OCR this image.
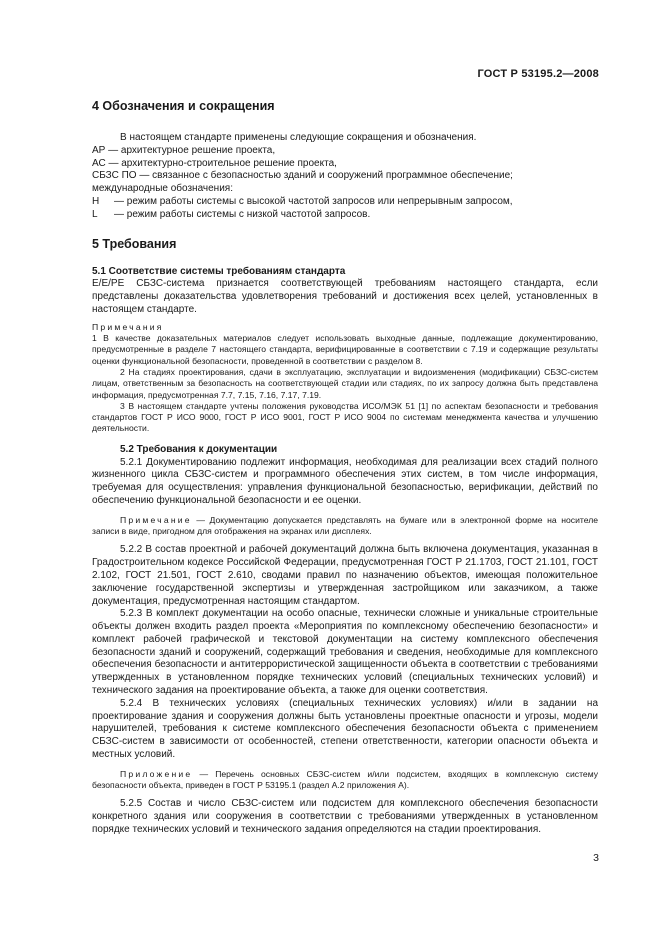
ГОСТ Р 53195.2—2008
4 Обозначения и сокращения

В настоящем стандарте применены следующие сокращения и обозначения.

АР — архитектурное решение проекта,

АС — архитектурно-строительное решение проекта,

СБЗС ПО — связанное с безопасностью зданий и сооружений программное обеспечение;

международные обозначения:

Н	— режим работы системы с высокой частотой запросов или непрерывным запросом,
L	— режим работы системы с низкой частотой запросов.
5 Требования

5.1 Соответствие системы требованиям стандарта

Е/Е/РЕ СБЗС-система признается соответствующей требованиям настоящего стандарта, если представлены доказательства удовлетворения требований и достижения всех целей, установленных в настоящем стандарте.

Примечания

1 В качестве доказательных материалов следует использовать выходные данные, подлежащие документированию, предусмотренные в разделе 7 настоящего стандарта, верифицированные в соответствии с 7.19 и содержащие результаты оценки функциональной безопасности, проведенной в соответствии с разделом 8.

2 На стадиях проектирования, сдачи в эксплуатацию, эксплуатации и видоизменения (модификации) СБЗС-систем лицам, ответственным за безопасность на соответствующей стадии или стадиях, по их запросу должна быть представлена информация, предусмотренная 7.7, 7.15, 7.16, 7.17, 7.19.

3 В настоящем стандарте учтены положения руководства ИСО/МЭК 51 [1] по аспектам безопасности и требования стандартов ГОСТ Р ИСО 9000, ГОСТ Р ИСО 9001, ГОСТ Р ИСО 9004 по системам менеджмента качества и улучшению деятельности.

5.2 Требования к документации

5.2.1 Документированию подлежит информация, необходимая для реализации всех стадий полного жизненного цикла СБЗС-систем и программного обеспечения этих систем, в том числе информация, требуемая для осуществления: управления функциональной безопасностью, верификации, действий по обеспечению функциональной безопасности и ее оценки.

Примечание — Документацию допускается представлять на бумаге или в электронной форме на носителе записи в виде, пригодном для отображения на экранах или дисплеях.

5.2.2 В состав проектной и рабочей документаций должна быть включена документация, указанная в Градостроительном кодексе Российской Федерации, предусмотренная ГОСТ Р 21.1703, ГОСТ 21.101, ГОСТ 2.102, ГОСТ 21.501, ГОСТ 2.610, сводами правил по назначению объектов, имеющая положительное заключение государственной экспертизы и утвержденная застройщиком или заказчиком, а также документация, предусмотренная настоящим стандартом.

5.2.3 В комплект документации на особо опасные, технически сложные и уникальные строительные объекты должен входить раздел проекта «Мероприятия по комплексному обеспечению безопасности» и комплект рабочей графической и текстовой документации на систему комплексного обеспечения безопасности зданий и сооружений, содержащий требования и сведения, необходимые для комплексного обеспечения безопасности и антитеррористической защищенности объекта в соответствии с требованиями утвержденных в установленном порядке технических условий (специальных технических условий) и технического задания на проектирование объекта, а также для оценки соответствия.

5.2.4 В технических условиях (специальных технических условиях) и/или в задании на проектирование здания и сооружения должны быть установлены проектные опасности и угрозы, модели нарушителей, требования к системе комплексного обеспечения безопасности объекта с применением СБЗС-систем в зависимости от особенностей, степени ответственности, категории опасности объекта и местных условий.

Приложение — Перечень основных СБЗС-систем и/или подсистем, входящих в комплексную систему безопасности объекта, приведен в ГОСТ Р 53195.1 (раздел А.2 приложения А).

5.2.5 Состав и число СБЗС-систем или подсистем для комплексного обеспечения безопасности конкретного здания или сооружения в соответствии с требованиями утвержденных в установленном порядке технических условий и технического задания определяются на стадии проектирования.

3
